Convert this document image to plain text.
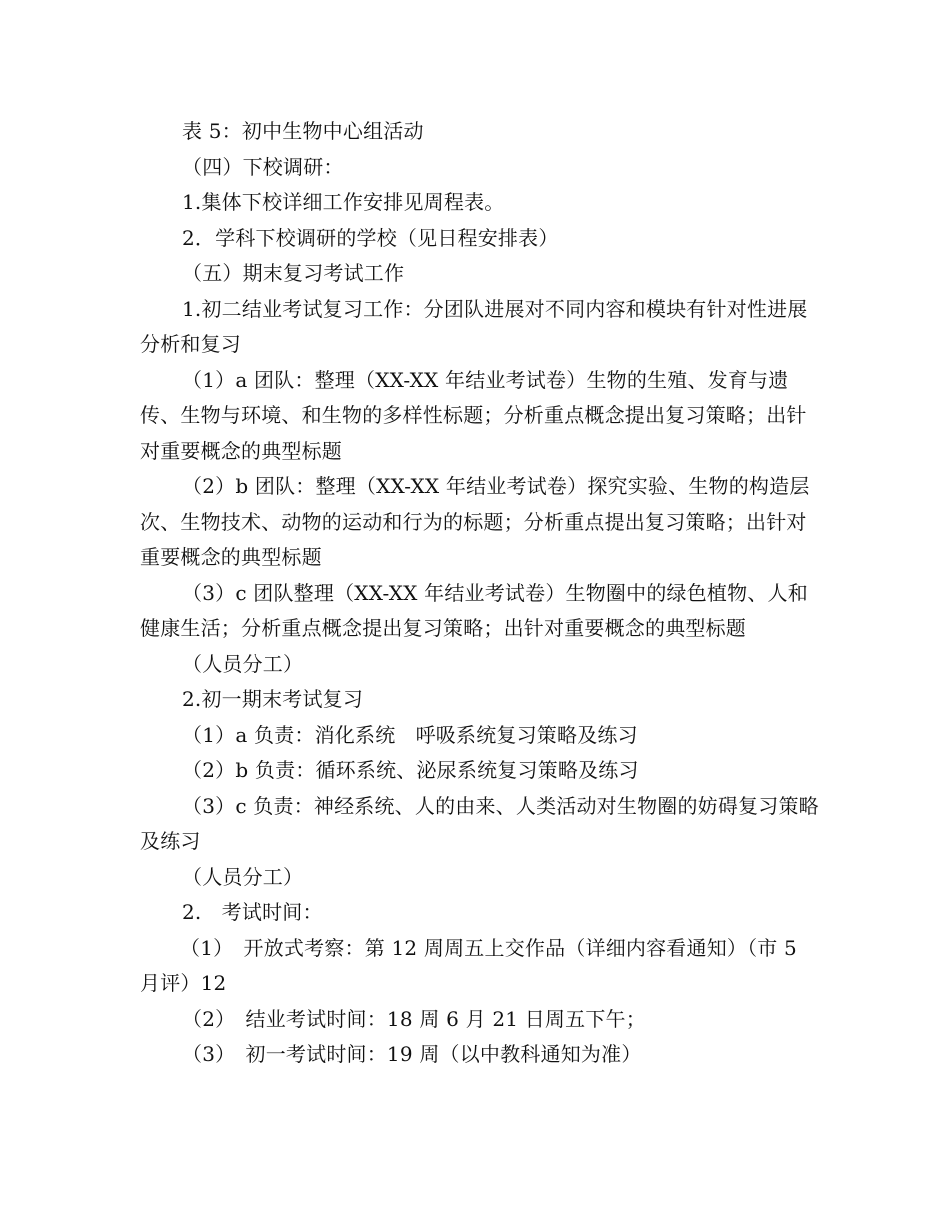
表 5：初中生物中心组活动

（四）下校调研：

1.集体下校详细工作安排见周程表。

2．学科下校调研的学校（见日程安排表）

（五）期末复习考试工作

1.初二结业考试复习工作：分团队进展对不同内容和模块有针对性进展分析和复习

（1）a 团队：整理（XX-XX 年结业考试卷）生物的生殖、发育与遗传、生物与环境、和生物的多样性标题；分析重点概念提出复习策略；出针对重要概念的典型标题

（2）b 团队：整理（XX-XX 年结业考试卷）探究实验、生物的构造层次、生物技术、动物的运动和行为的标题；分析重点提出复习策略；出针对重要概念的典型标题

（3）c 团队整理（XX-XX 年结业考试卷）生物圈中的绿色植物、人和健康生活；分析重点概念提出复习策略；出针对重要概念的典型标题

（人员分工）

2.初一期末考试复习

（1）a 负责：消化系统　呼吸系统复习策略及练习

（2）b 负责：循环系统、泌尿系统复习策略及练习

（3）c 负责：神经系统、人的由来、人类活动对生物圈的妨碍复习策略及练习

（人员分工）

2.　考试时间：

（1）　开放式考察：第 12 周周五上交作品（详细内容看通知）（市 5 月评）12

（2）　结业考试时间：18 周 6 月 21 日周五下午；

（3）　初一考试时间：19 周（以中教科通知为准）
